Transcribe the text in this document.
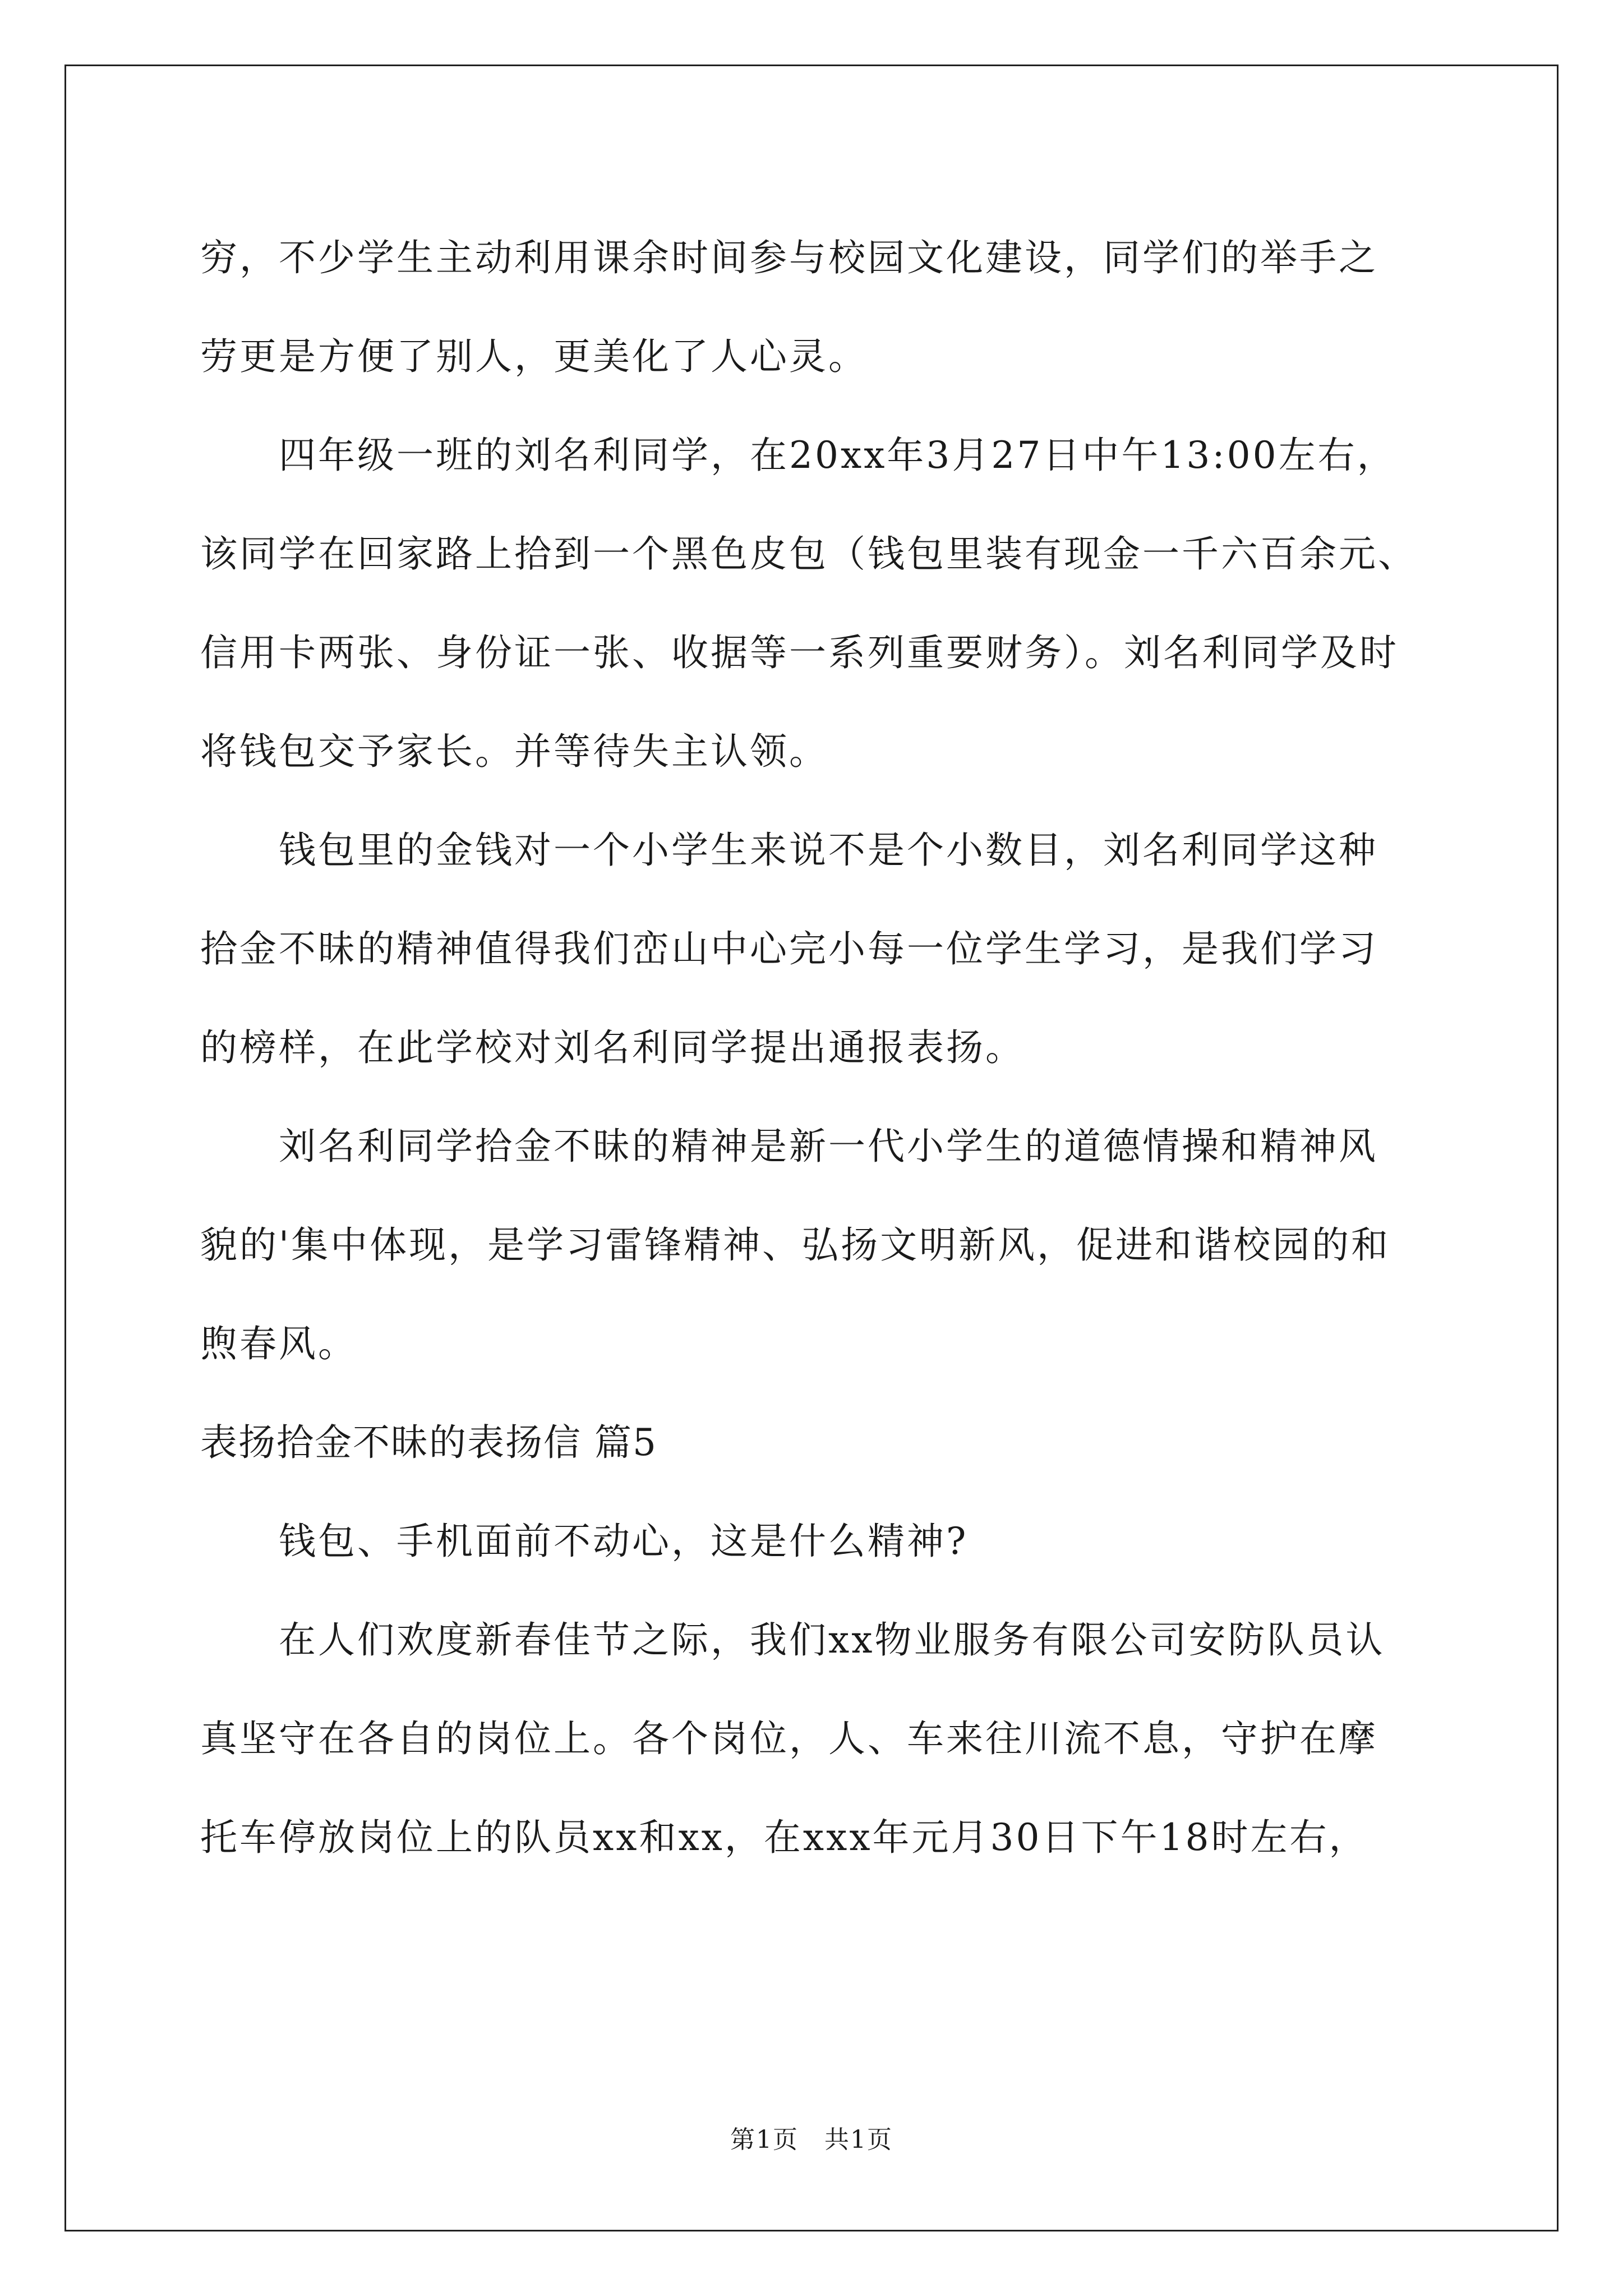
穷，不少学生主动利用课余时间参与校园文化建设，同学们的举手之
劳更是方便了别人，更美化了人心灵。
四年级一班的刘名利同学，在20xx年3月27日中午13:00左右，
该同学在回家路上拾到一个黑色皮包（钱包里装有现金一千六百余元、
信用卡两张、身份证一张、收据等一系列重要财务）。刘名利同学及时
将钱包交予家长。并等待失主认领。
钱包里的金钱对一个小学生来说不是个小数目，刘名利同学这种
拾金不昧的精神值得我们峦山中心完小每一位学生学习，是我们学习
的榜样，在此学校对刘名利同学提出通报表扬。
刘名利同学拾金不昧的精神是新一代小学生的道德情操和精神风
貌的'集中体现，是学习雷锋精神、弘扬文明新风，促进和谐校园的和
煦春风。
表扬拾金不昧的表扬信 篇5
钱包、手机面前不动心，这是什么精神?
在人们欢度新春佳节之际，我们xx物业服务有限公司安防队员认
真坚守在各自的岗位上。各个岗位，人、车来往川流不息，守护在摩
托车停放岗位上的队员xx和xx，在xxx年元月30日下午18时左右，
第1页　共1页
